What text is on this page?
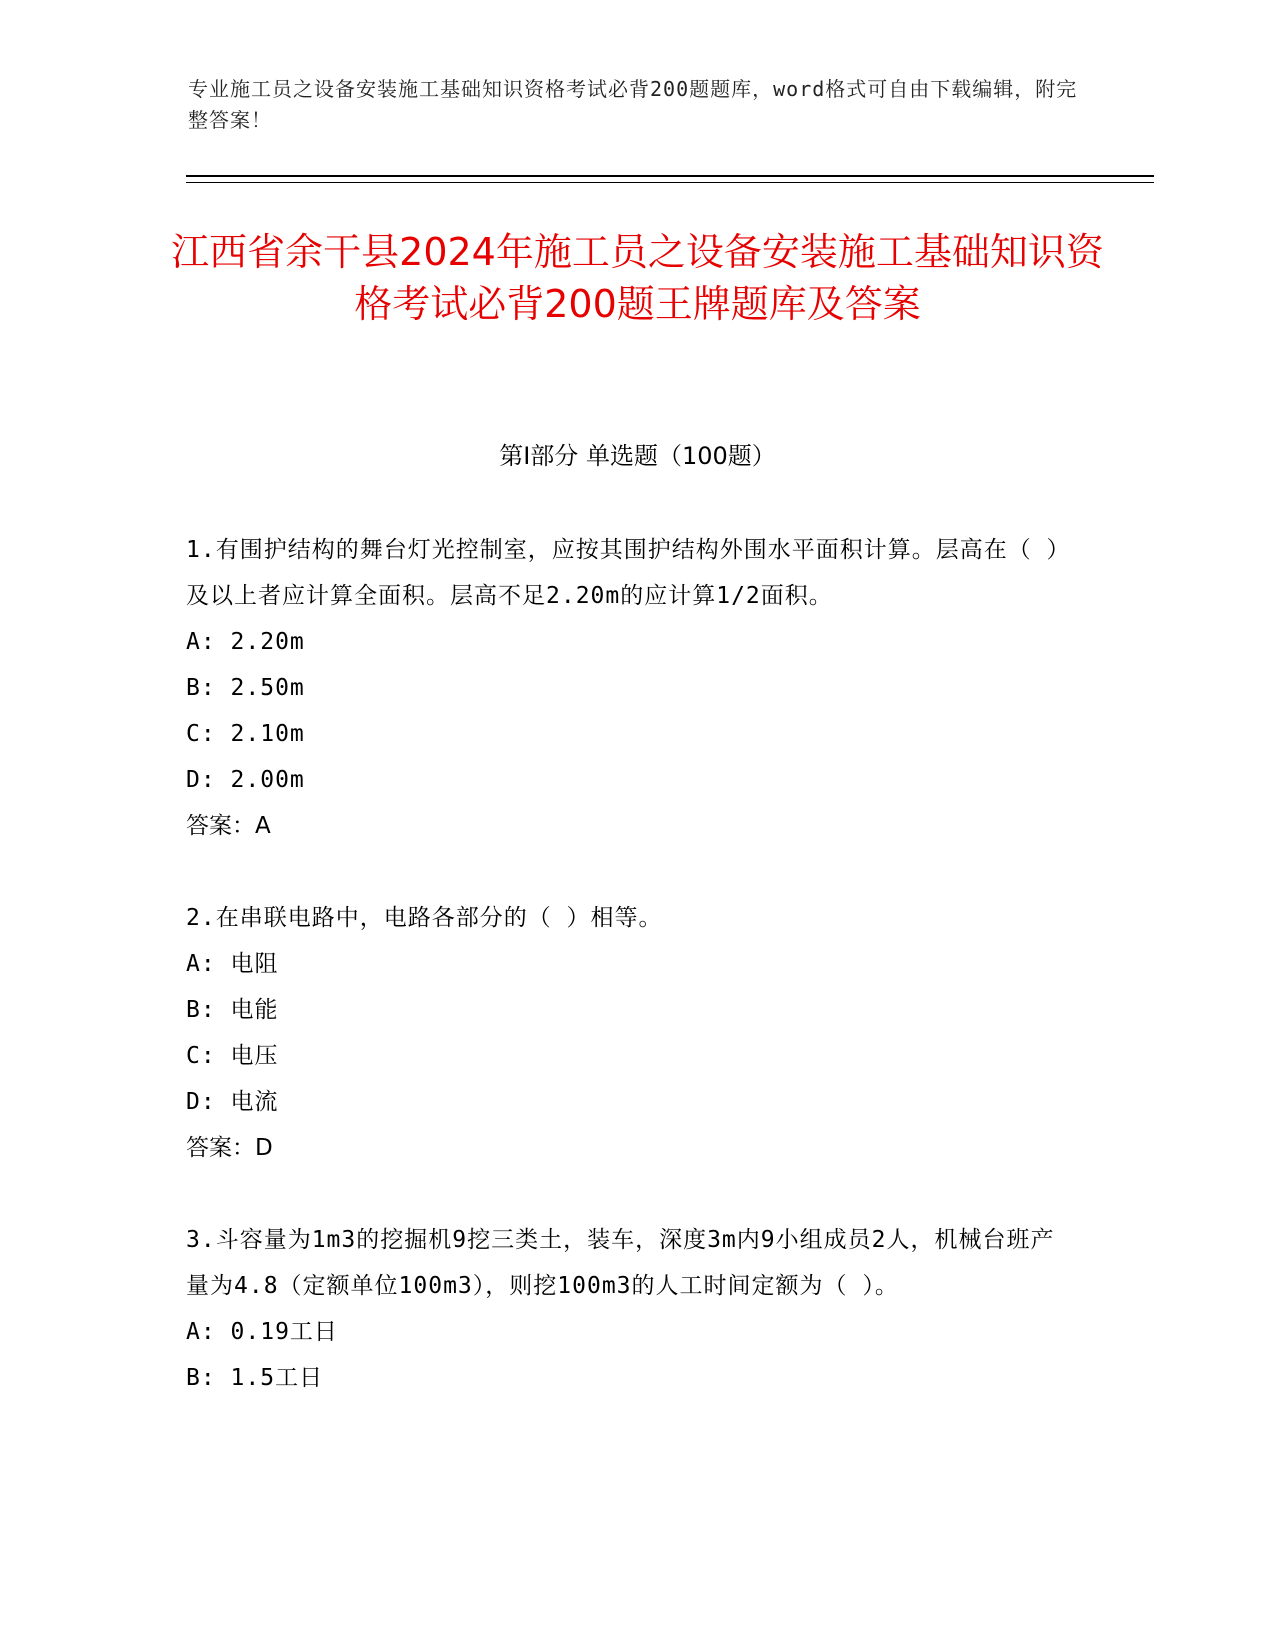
专业施工员之设备安装施工基础知识资格考试必背200题题库，word格式可自由下载编辑，附完整答案！
江西省余干县2024年施工员之设备安装施工基础知识资格考试必背200题王牌题库及答案
第I部分 单选题（100题）

1.有围护结构的舞台灯光控制室，应按其围护结构外围水平面积计算。层高在（ ）及以上者应计算全面积。层高不足2.20m的应计算1/2面积。

A: 2.20m

B: 2.50m

C: 2.10m

D: 2.00m

答案：A

2.在串联电路中，电路各部分的（ ）相等。

A: 电阻

B: 电能

C: 电压

D: 电流

答案：D

3.斗容量为1m3的挖掘机9挖三类土，装车，深度3m内9小组成员2人，机械台班产量为4.8（定额单位100m3），则挖100m3的人工时间定额为（ ）。

A: 0.19工日

B: 1.5工日
